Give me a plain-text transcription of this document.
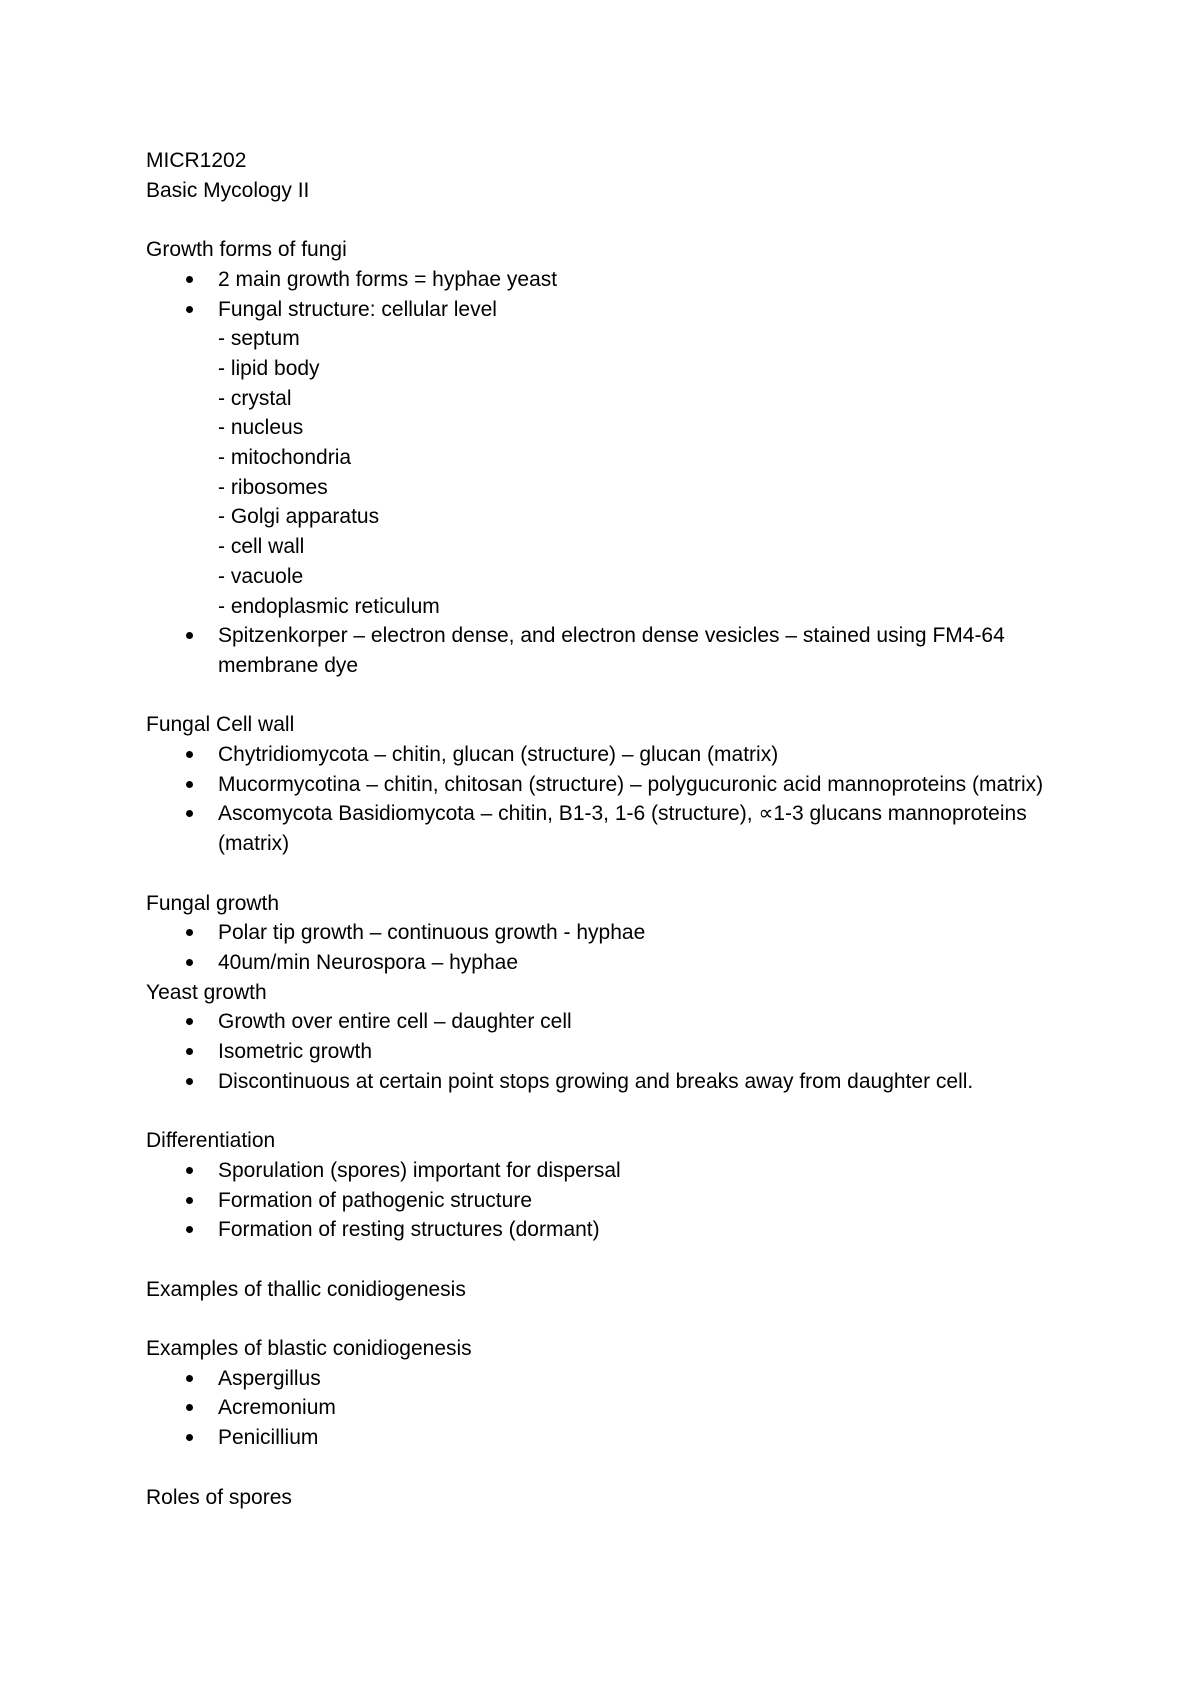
MICR1202
Basic Mycology II
Growth forms of fungi
2 main growth forms = hyphae yeast
Fungal structure: cellular level
- septum
- lipid body
- crystal
- nucleus
- mitochondria
- ribosomes
- Golgi apparatus
- cell wall
- vacuole
- endoplasmic reticulum
Spitzenkorper – electron dense, and electron dense vesicles – stained using FM4-64 membrane dye
Fungal Cell wall
Chytridiomycota – chitin, glucan (structure) – glucan (matrix)
Mucormycotina – chitin, chitosan (structure) – polygucuronic acid mannoproteins (matrix)
Ascomycota Basidiomycota – chitin, B1-3, 1-6 (structure), ∝1-3 glucans mannoproteins (matrix)
Fungal growth
Polar tip growth – continuous growth - hyphae
40um/min Neurospora – hyphae
Yeast growth
Growth over entire cell – daughter cell
Isometric growth
Discontinuous at certain point stops growing and breaks away from daughter cell.
Differentiation
Sporulation (spores) important for dispersal
Formation of pathogenic structure
Formation of resting structures (dormant)
Examples of thallic conidiogenesis
Examples of blastic conidiogenesis
Aspergillus
Acremonium
Penicillium
Roles of spores
